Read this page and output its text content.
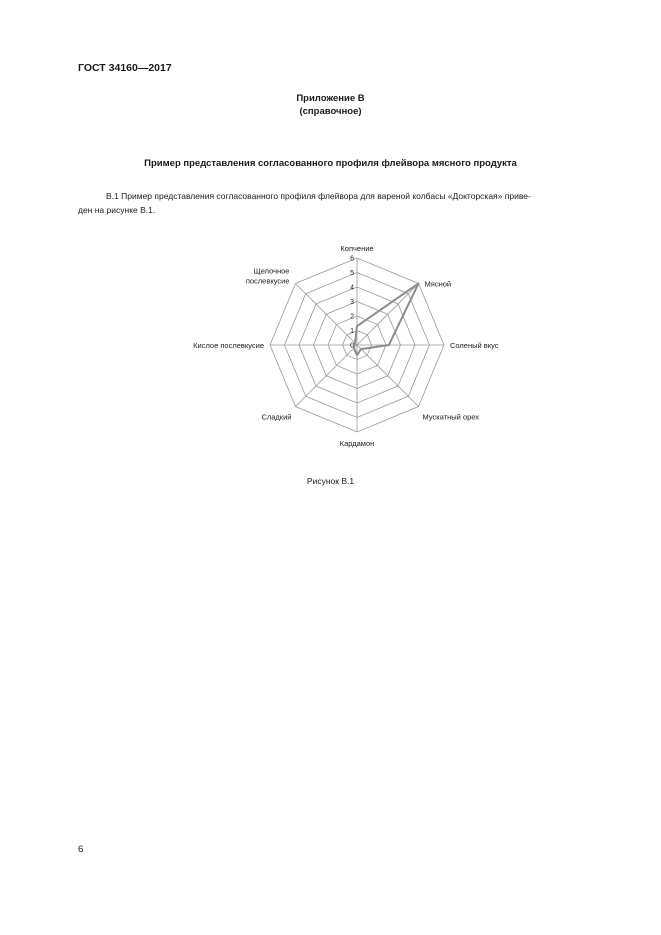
ГОСТ 34160—2017
Приложение В
(справочное)
Пример представления согласованного профиля флейвора мясного продукта
В.1 Пример представления согласованного профиля флейвора для вареной колбасы «Докторская» приве-
ден на рисунке В.1.
0
1
2
3
4
5
6
Копчение
Мясной
Соленый вкус
Мускатный орех
Кардамон
Сладкий
Кислое послевкусие
Щелочное
послевкусие
Рисунок В.1
6
